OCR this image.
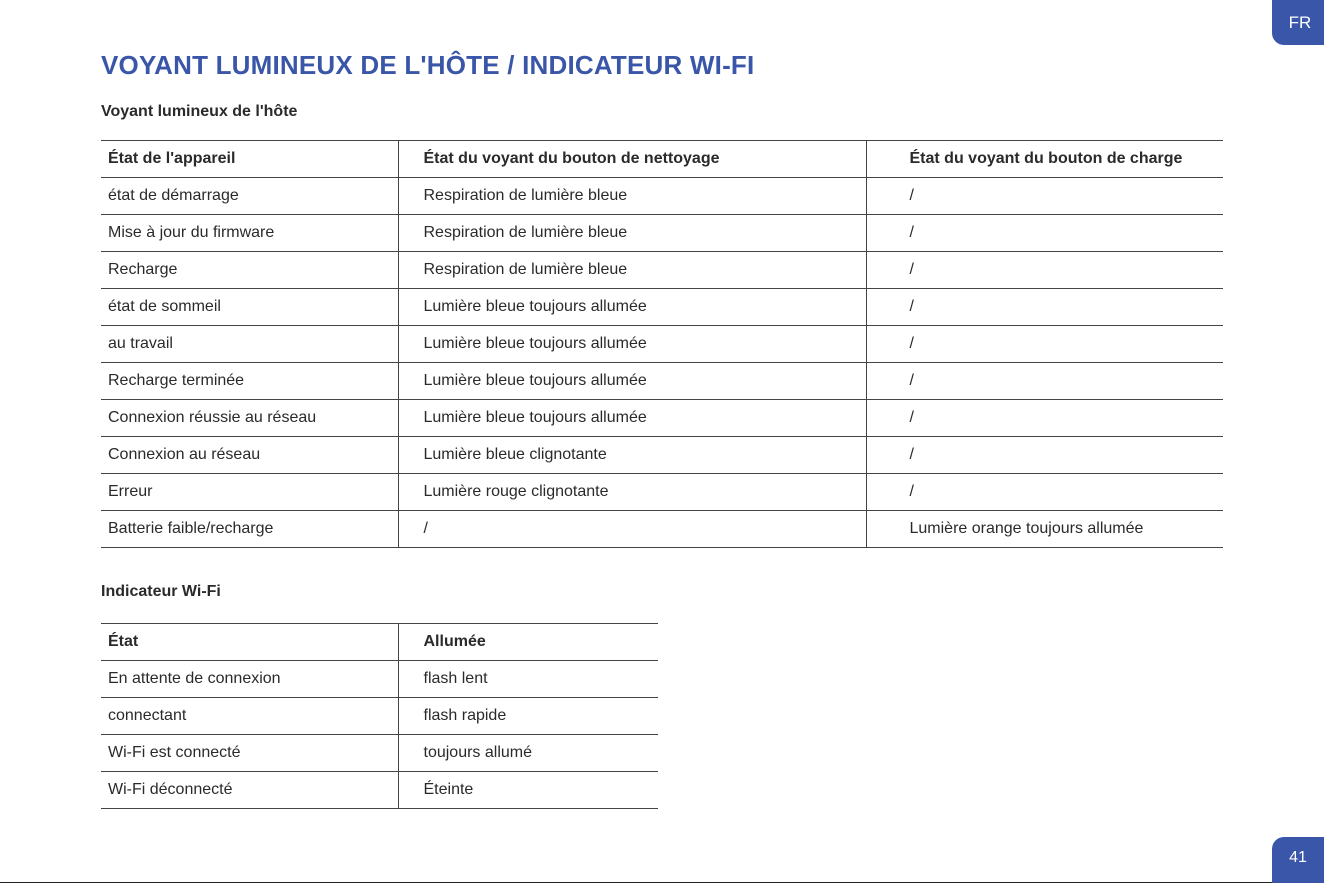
FR
VOYANT LUMINEUX DE L'HÔTE / INDICATEUR WI-FI
Voyant lumineux de l'hôte
État de l'appareil	État du voyant du bouton de nettoyage	État du voyant du bouton de charge
état de démarrage	Respiration de lumière bleue	/
Mise à jour du firmware	Respiration de lumière bleue	/
Recharge	Respiration de lumière bleue	/
état de sommeil	Lumière bleue toujours allumée	/
au travail	Lumière bleue toujours allumée	/
Recharge terminée	Lumière bleue toujours allumée	/
Connexion réussie au réseau	Lumière bleue toujours allumée	/
Connexion au réseau	Lumière bleue clignotante	/
Erreur	Lumière rouge clignotante	/
Batterie faible/recharge	/	Lumière orange toujours allumée
Indicateur Wi-Fi
État	Allumée
En attente de connexion	flash lent
connectant	flash rapide
Wi-Fi est connecté	toujours allumé
Wi-Fi déconnecté	Éteinte
41
